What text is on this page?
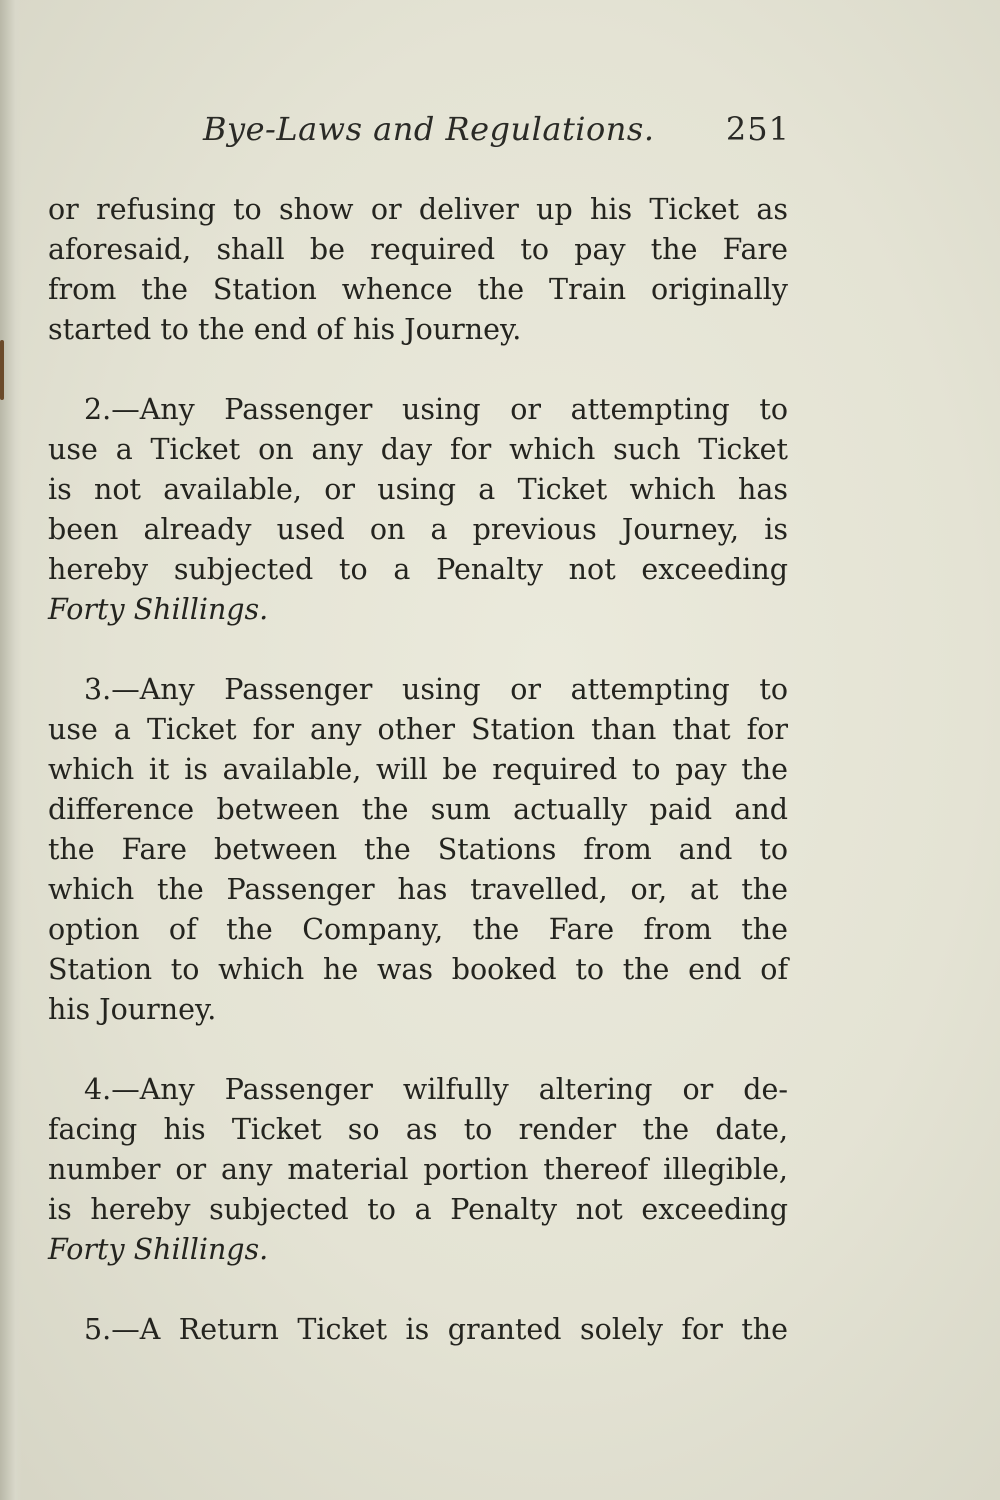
Bye-Laws and Regulations. 251
or refusing to show or deliver up his Ticket as
aforesaid, shall be required to pay the Fare
from the Station whence the Train originally
started to the end of his Journey.
2.—Any Passenger using or attempting to
use a Ticket on any day for which such Ticket
is not available, or using a Ticket which has
been already used on a previous Journey, is
hereby subjected to a Penalty not exceeding
Forty Shillings.
3.—Any Passenger using or attempting to
use a Ticket for any other Station than that for
which it is available, will be required to pay the
difference between the sum actually paid and
the Fare between the Stations from and to
which the Passenger has travelled, or, at the
option of the Company, the Fare from the
Station to which he was booked to the end of
his Journey.
4.—Any Passenger wilfully altering or de-
facing his Ticket so as to render the date,
number or any material portion thereof illegible,
is hereby subjected to a Penalty not exceeding
Forty Shillings.
5.—A Return Ticket is granted solely for the
